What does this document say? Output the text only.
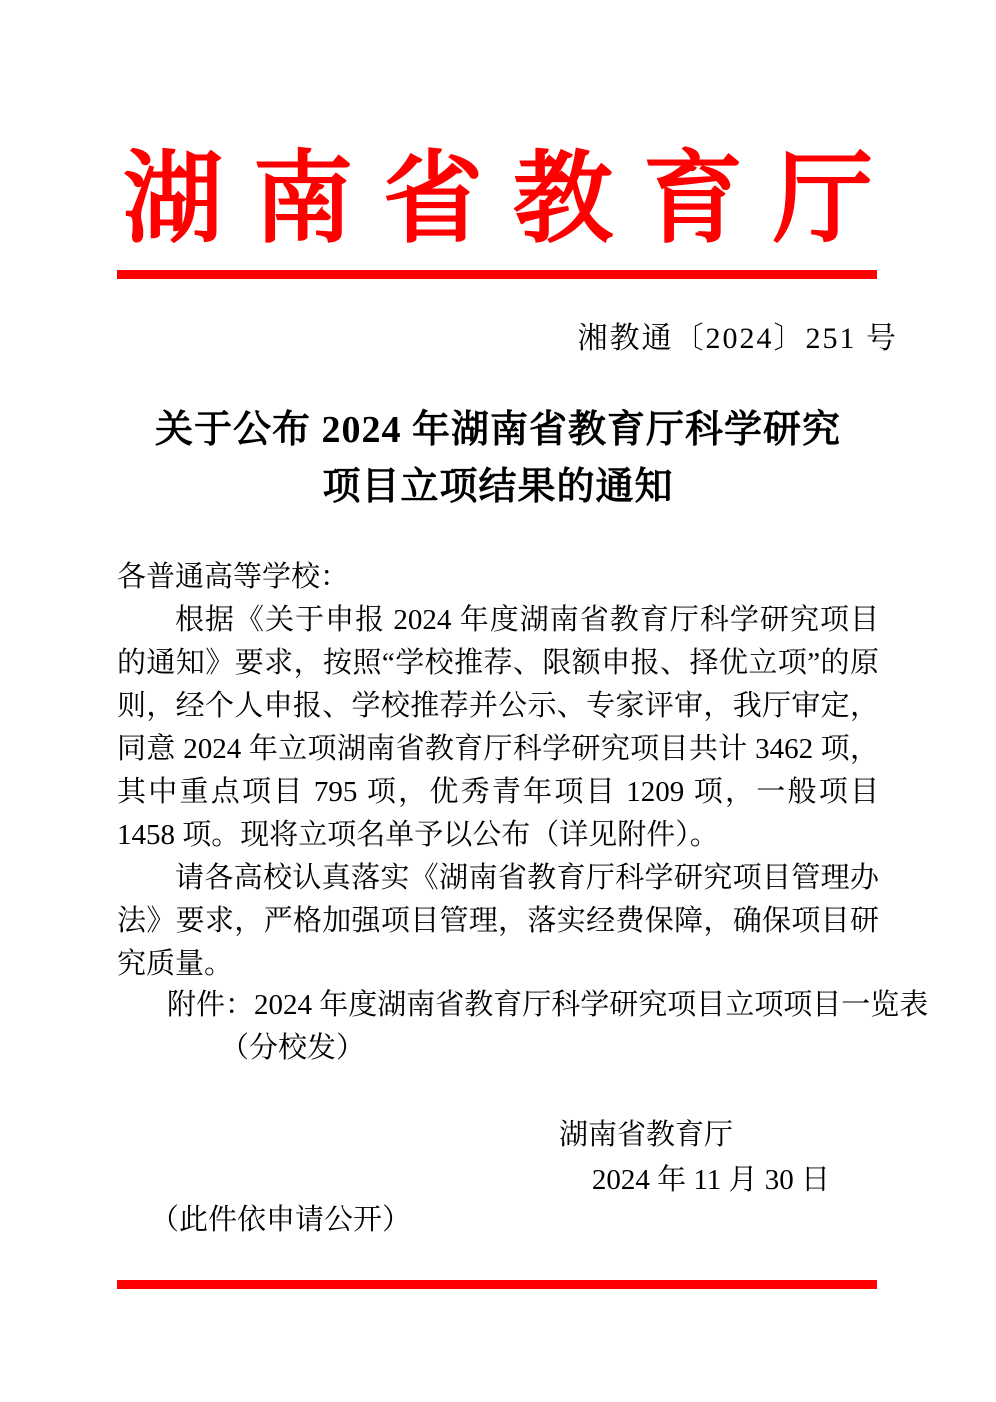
湖南省教育厅
湘教通〔2024〕251 号
关于公布 2024 年湖南省教育厅科学研究
项目立项结果的通知

各普通高等学校：

根据《关于申报 2024 年度湖南省教育厅科学研究项目的通知》要求，按照“学校推荐、限额申报、择优立项”的原则，经个人申报、学校推荐并公示、专家评审，我厅审定，同意 2024 年立项湖南省教育厅科学研究项目共计 3462 项，其中重点项目 795 项，优秀青年项目 1209 项，一般项目 1458 项。现将立项名单予以公布（详见附件）。

请各高校认真落实《湖南省教育厅科学研究项目管理办法》要求，严格加强项目管理，落实经费保障，确保项目研究质量。

附件：2024 年度湖南省教育厅科学研究项目立项项目一览表
（分校发）
湖南省教育厅
2024 年 11 月 30 日
（此件依申请公开）
